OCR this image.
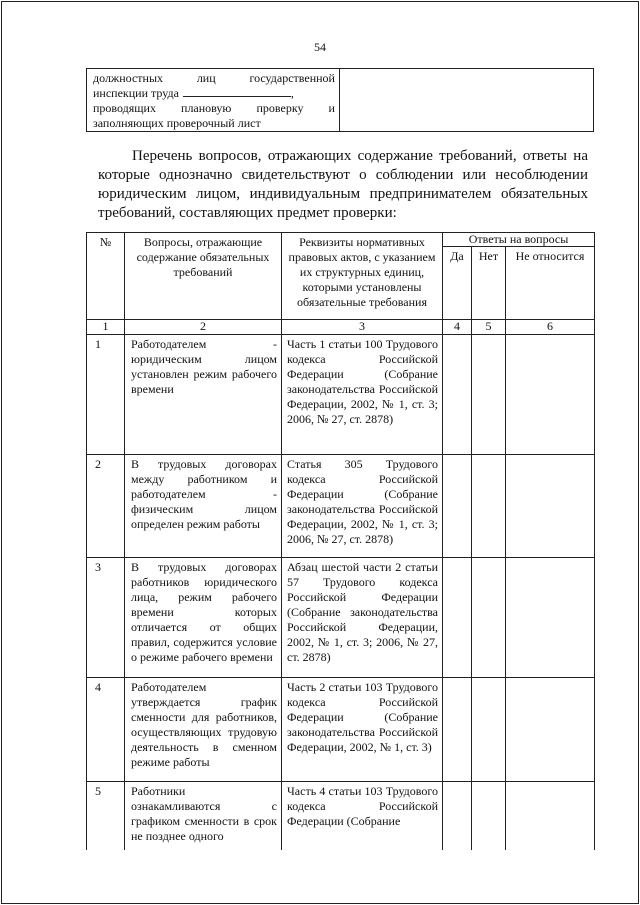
54
должностных	лиц	государственной
инспекции труда	,
проводящих плановую проверку и
заполняющих проверочный лист

Перечень вопросов, отражающих содержание требований, ответы на которые однозначно свидетельствуют о соблюдении или несоблюдении юридическим лицом, индивидуальным предпринимателем обязательных требований, составляющих предмет проверки:

№	Вопросы, отражающие содержание обязательных требований	Реквизиты нормативных правовых актов, с указанием их структурных единиц, которыми установлены обязательные требования	Ответы на вопросы		
			Да	Нет	Не относится
1	2	3	4	5	6
1	Работодателем - юридическим лицом установлен режим рабочего времени	Часть 1 статьи 100 Трудового кодекса Российской Федерации (Собрание законодательства Российской Федерации, 2002, № 1, ст. 3; 2006, № 27, ст. 2878)			
2	В трудовых договорах между работником и работодателем - физическим лицом определен режим работы	Статья 305 Трудового кодекса Российской Федерации (Собрание законодательства Российской Федерации, 2002, № 1, ст. 3; 2006, № 27, ст. 2878)			
3	В трудовых договорах работников юридического лица, режим рабочего времени которых отличается от общих правил, содержится условие о режиме рабочего времени	Абзац шестой части 2 статьи 57 Трудового кодекса Российской Федерации (Собрание законодательства Российской Федерации, 2002, № 1, ст. 3; 2006, № 27, ст. 2878)			
4	Работодателем утверждается график сменности для работников, осуществляющих трудовую деятельность в сменном режиме работы	Часть 2 статьи 103 Трудового кодекса Российской Федерации (Собрание законодательства Российской Федерации, 2002, № 1, ст. 3)			
5	Работники ознакамливаются с графиком сменности в срок не позднее одного	Часть 4 статьи 103 Трудового кодекса Российской Федерации (Собрание			
